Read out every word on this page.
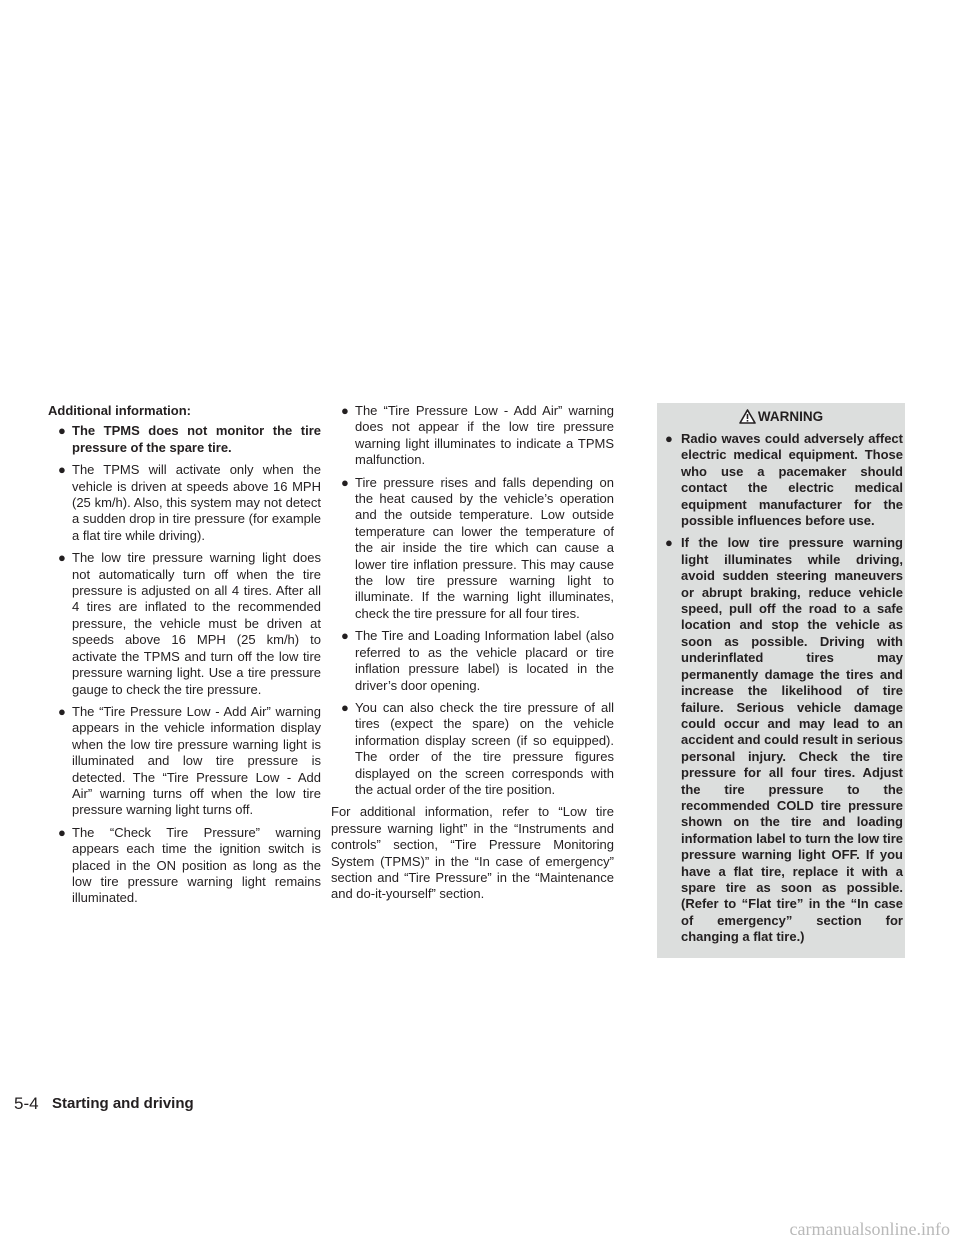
Additional information:

● The TPMS does not monitor the tire pressure of the spare tire.
● The TPMS will activate only when the vehicle is driven at speeds above 16 MPH (25 km/h). Also, this system may not detect a sudden drop in tire pressure (for example a flat tire while driving).
● The low tire pressure warning light does not automatically turn off when the tire pressure is adjusted on all 4 tires. After all 4 tires are inflated to the recommended pressure, the vehicle must be driven at speeds above 16 MPH (25 km/h) to activate the TPMS and turn off the low tire pressure warning light. Use a tire pressure gauge to check the tire pressure.
● The “Tire Pressure Low - Add Air” warning appears in the vehicle information display when the low tire pressure warning light is illuminated and low tire pressure is detected. The “Tire Pressure Low - Add Air” warning turns off when the low tire pressure warning light turns off.
● The “Check Tire Pressure” warning appears each time the ignition switch is placed in the ON position as long as the low tire pressure warning light remains illuminated.
● The “Tire Pressure Low - Add Air” warning does not appear if the low tire pressure warning light illuminates to indicate a TPMS malfunction.
● Tire pressure rises and falls depending on the heat caused by the vehicle’s operation and the outside temperature. Low outside temperature can lower the temperature of the air inside the tire which can cause a lower tire inflation pressure. This may cause the low tire pressure warning light to illuminate. If the warning light illuminates, check the tire pressure for all four tires.
● The Tire and Loading Information label (also referred to as the vehicle placard or tire inflation pressure label) is located in the driver’s door opening.
● You can also check the tire pressure of all tires (expect the spare) on the vehicle information display screen (if so equipped). The order of the tire pressure figures displayed on the screen corresponds with the actual order of the tire position.

For additional information, refer to “Low tire pressure warning light” in the “Instruments and controls” section, “Tire Pressure Monitoring System (TPMS)” in the “In case of emergency” section and “Tire Pressure” in the “Maintenance and do-it-yourself” section.

WARNING
● Radio waves could adversely affect electric medical equipment. Those who use a pacemaker should contact the electric medical equipment manufacturer for the possible influences before use.
● If the low tire pressure warning light illuminates while driving, avoid sudden steering maneuvers or abrupt braking, reduce vehicle speed, pull off the road to a safe location and stop the vehicle as soon as possible. Driving with underinflated tires may permanently damage the tires and increase the likelihood of tire failure. Serious vehicle damage could occur and may lead to an accident and could result in serious personal injury. Check the tire pressure for all four tires. Adjust the tire pressure to the recommended COLD tire pressure shown on the tire and loading information label to turn the low tire pressure warning light OFF. If you have a flat tire, replace it with a spare tire as soon as possible. (Refer to “Flat tire” in the “In case of emergency” section for changing a flat tire.)
5-4 Starting and driving
carmanualsonline.info
